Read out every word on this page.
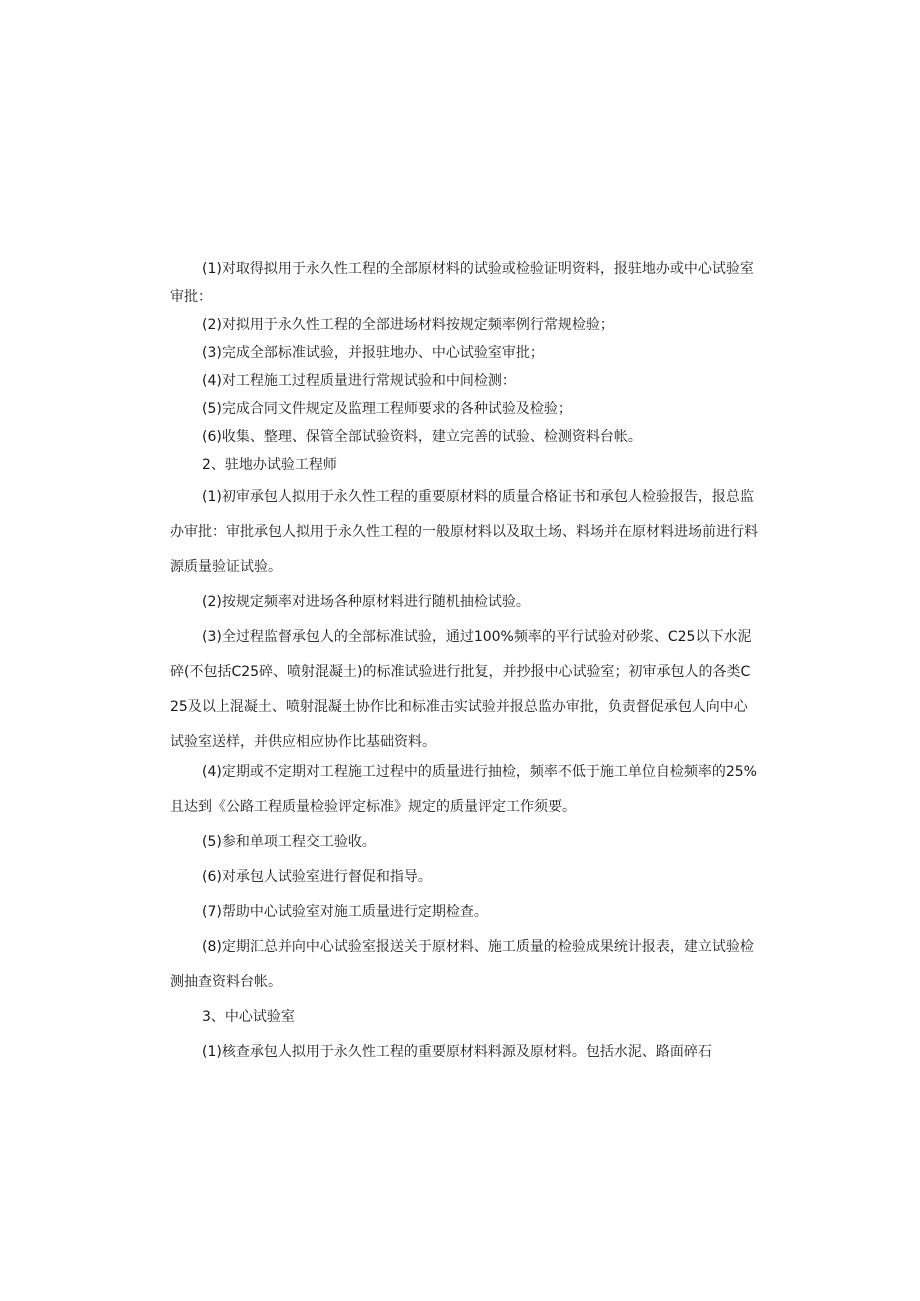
(1)对取得拟用于永久性工程的全部原材料的试验或检验证明资料，报驻地办或中心试验室审批：

(2)对拟用于永久性工程的全部进场材料按规定频率例行常规检验；

(3)完成全部标准试验，并报驻地办、中心试验室审批；

(4)对工程施工过程质量进行常规试验和中间检测：

(5)完成合同文件规定及监理工程师要求的各种试验及检验；

(6)收集、整理、保管全部试验资料，建立完善的试验、检测资料台帐。

2、驻地办试验工程师

(1)初审承包人拟用于永久性工程的重要原材料的质量合格证书和承包人检验报告，报总监办审批：审批承包人拟用于永久性工程的一般原材料以及取土场、料场并在原材料进场前进行料源质量验证试验。

(2)按规定频率对进场各种原材料进行随机抽检试验。

(3)全过程监督承包人的全部标准试验，通过100%频率的平行试验对砂浆、C25以下水泥碎(不包括C25碎、喷射混凝土)的标准试验进行批复，并抄报中心试验室；初审承包人的各类C25及以上混凝土、喷射混凝土协作比和标准击实试验并报总监办审批，负责督促承包人向中心试验室送样，并供应相应协作比基础资料。

(4)定期或不定期对工程施工过程中的质量进行抽检，频率不低于施工单位自检频率的25%且达到《公路工程质量检验评定标准》规定的质量评定工作须要。

(5)参和单项工程交工验收。

(6)对承包人试验室进行督促和指导。

(7)帮助中心试验室对施工质量进行定期检查。

(8)定期汇总并向中心试验室报送关于原材料、施工质量的检验成果统计报表，建立试验检测抽查资料台帐。

3、中心试验室

(1)核查承包人拟用于永久性工程的重要原材料料源及原材料。包括水泥、路面碎石
